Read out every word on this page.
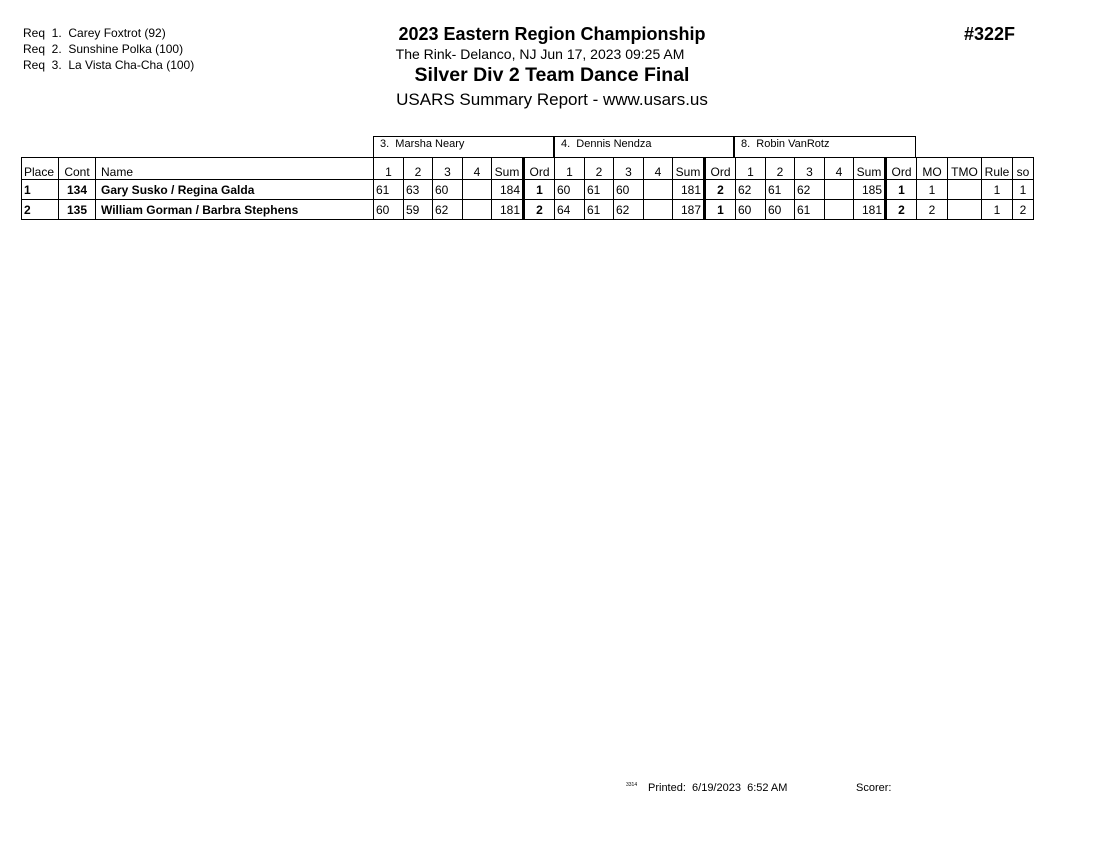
Req  1.  Carey Foxtrot (92)
Req  2.  Sunshine Polka (100)
Req  3.  La Vista Cha-Cha (100)
2023 Eastern Region Championship
The Rink- Delanco, NJ Jun 17, 2023 09:25 AM
Silver Div 2 Team Dance Final
USARS Summary Report - www.usars.us
#322F
3.  Marsha Neary	4.  Dennis Nendza	8.  Robin VanRotz
Place	Cont	Name	1	2	3	4	Sum	Ord	1	2	3	4	Sum	Ord	1	2	3	4	Sum	Ord	MO	TMO	Rule	so
1	134	Gary Susko / Regina Galda	61	63	60		184	1	60	61	60		181	2	62	61	62		185	1	1		1	1
2	135	William Gorman / Barbra Stephens	60	59	62		181	2	64	61	62		187	1	60	60	61		181	2	2		1	2
3314 Printed:  6/19/2023  6:52 AM	Scorer:
